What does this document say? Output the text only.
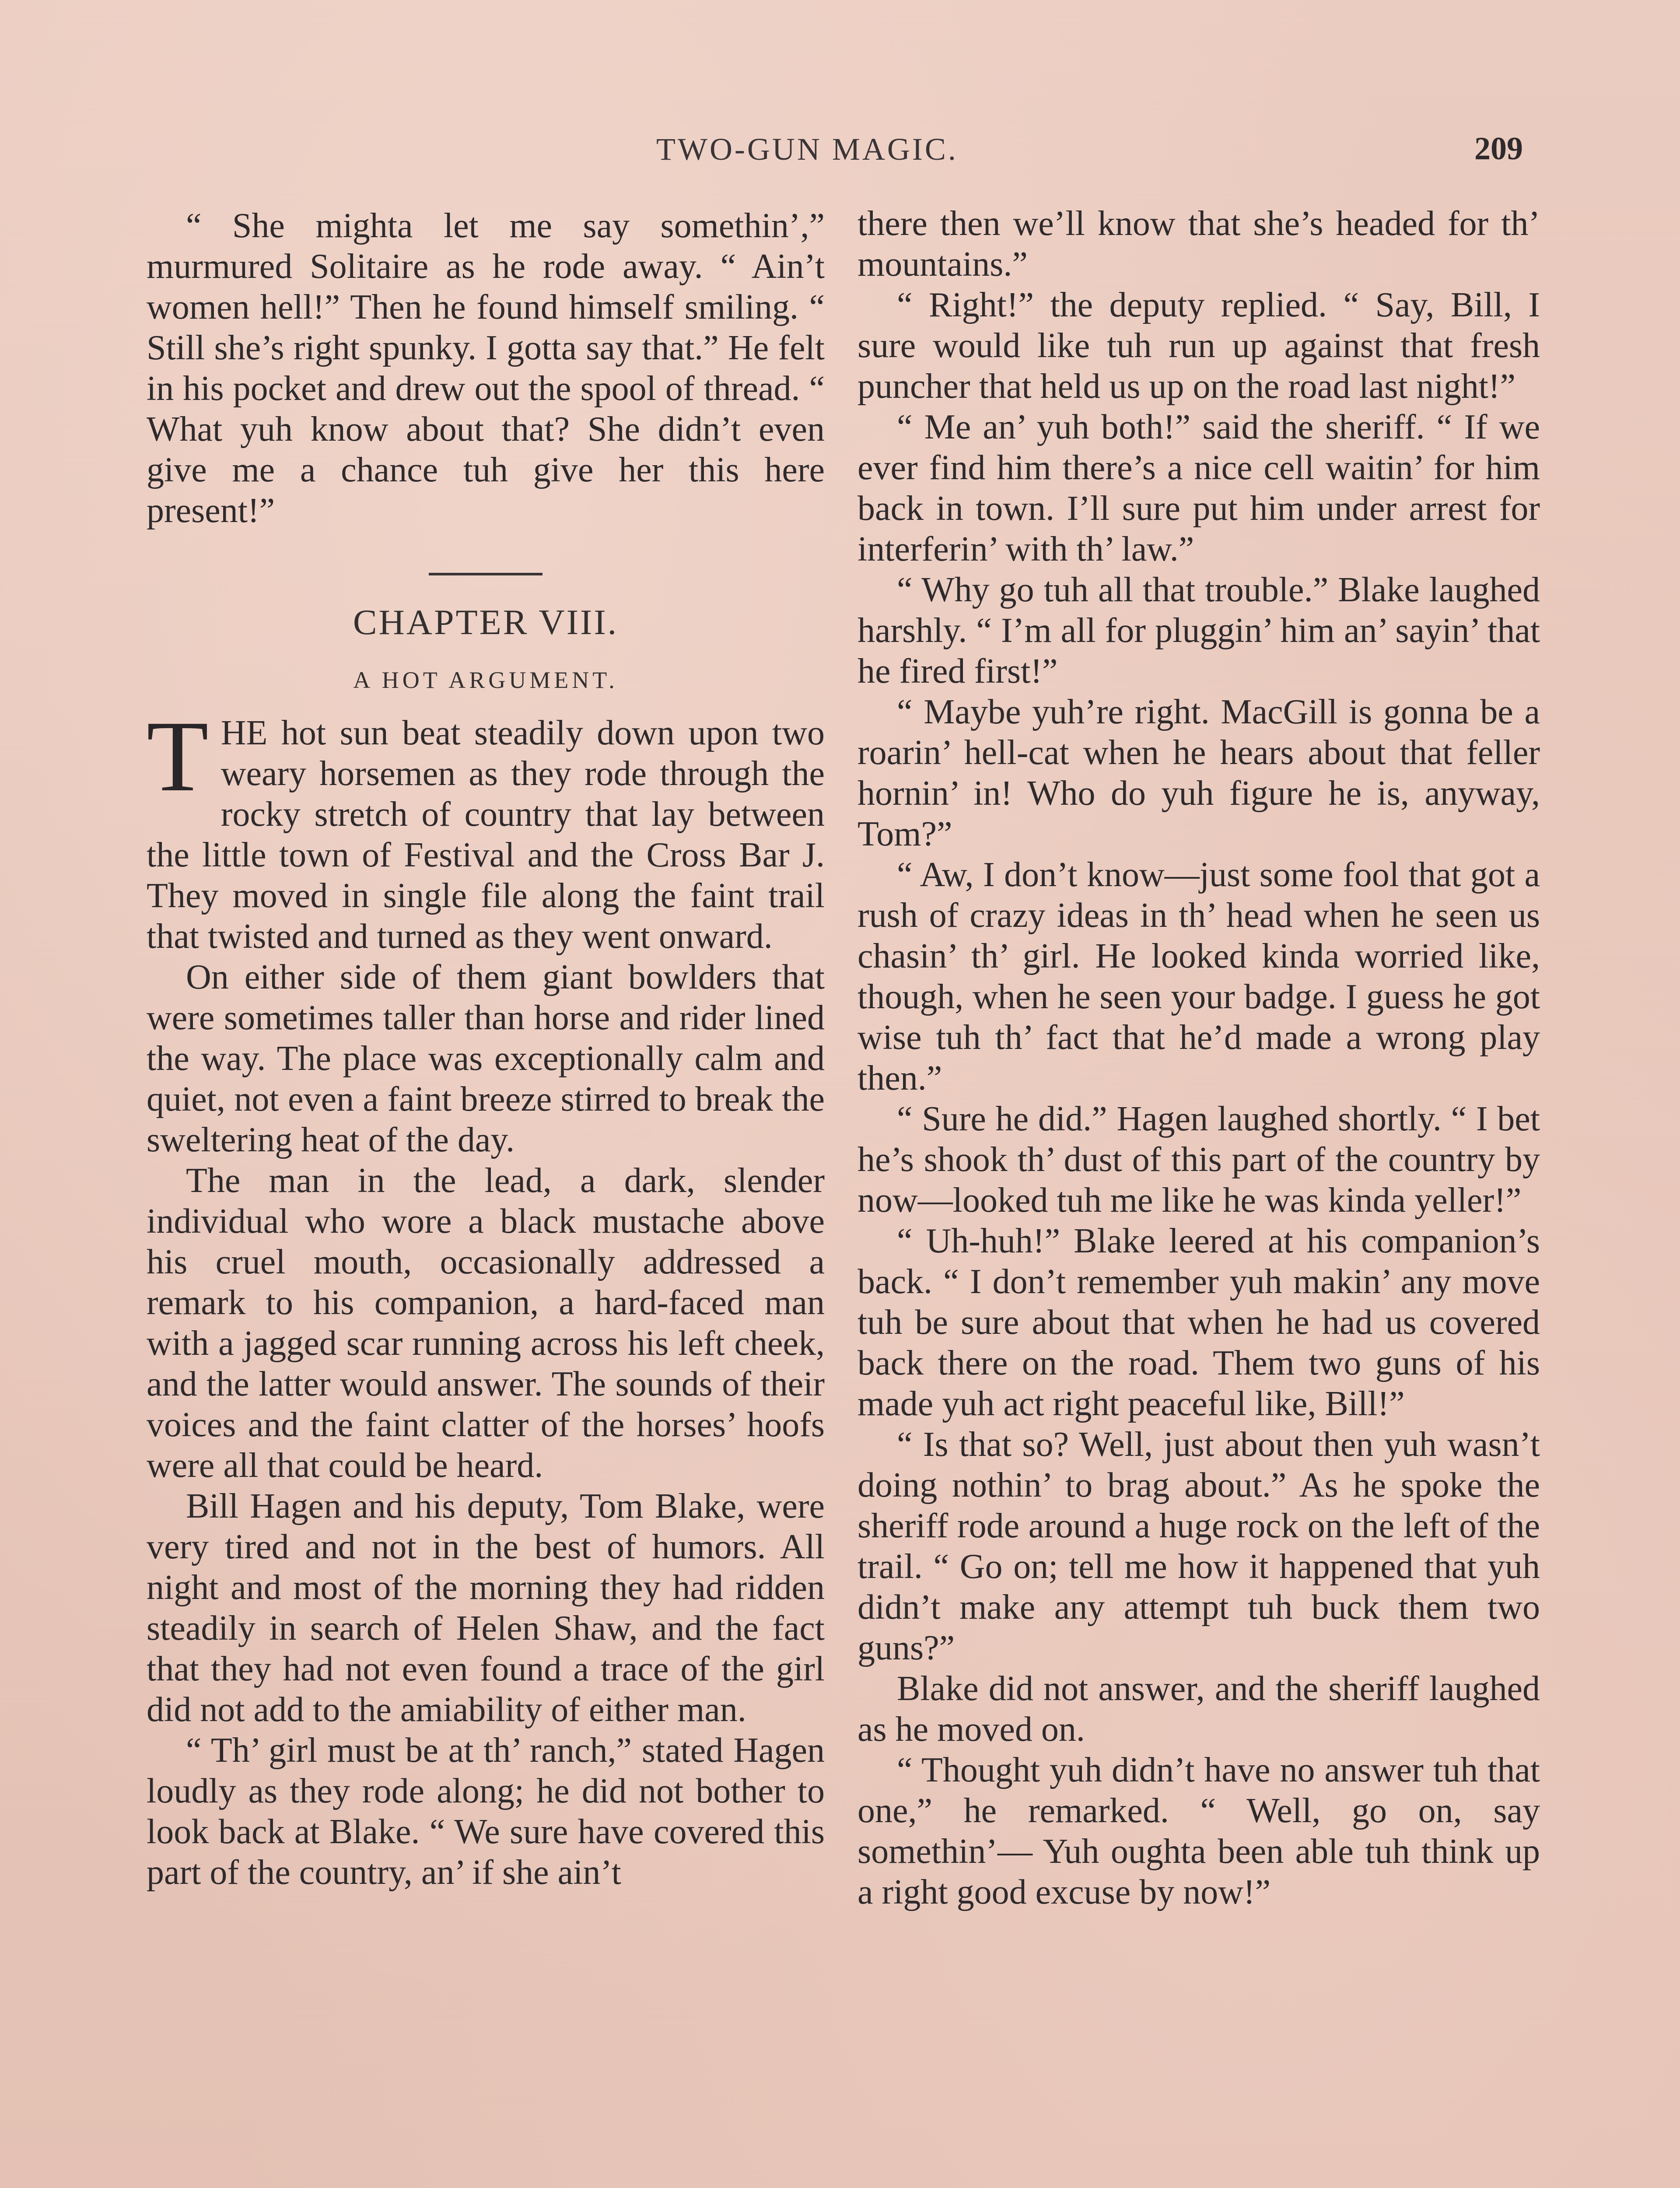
TWO-GUN MAGIC.	209

“ She mighta let me say somethin’,” murmured Solitaire as he rode away. “ Ain’t women hell!” Then he found himself smiling. “ Still she’s right spunky. I gotta say that.” He felt in his pocket and drew out the spool of thread. “ What yuh know about that? She didn’t even give me a chance tuh give her this here present!”

CHAPTER VIII.
A HOT ARGUMENT.

THE hot sun beat steadily down upon two weary horsemen as they rode through the rocky stretch of country that lay between the little town of Festival and the Cross Bar J. They moved in single file along the faint trail that twisted and turned as they went onward.

On either side of them giant bowlders that were sometimes taller than horse and rider lined the way. The place was exceptionally calm and quiet, not even a faint breeze stirred to break the sweltering heat of the day.

The man in the lead, a dark, slender individual who wore a black mustache above his cruel mouth, occasionally addressed a remark to his companion, a hard-faced man with a jagged scar running across his left cheek, and the latter would answer. The sounds of their voices and the faint clatter of the horses’ hoofs were all that could be heard.

Bill Hagen and his deputy, Tom Blake, were very tired and not in the best of humors. All night and most of the morning they had ridden steadily in search of Helen Shaw, and the fact that they had not even found a trace of the girl did not add to the amiability of either man.

“ Th’ girl must be at th’ ranch,” stated Hagen loudly as they rode along; he did not bother to look back at Blake. “ We sure have covered this part of the country, an’ if she ain’t

there then we’ll know that she’s headed for th’ mountains.”

“ Right!” the deputy replied. “ Say, Bill, I sure would like tuh run up against that fresh puncher that held us up on the road last night!”

“ Me an’ yuh both!” said the sheriff. “ If we ever find him there’s a nice cell waitin’ for him back in town. I’ll sure put him under arrest for interferin’ with th’ law.”

“ Why go tuh all that trouble.” Blake laughed harshly. “ I’m all for pluggin’ him an’ sayin’ that he fired first!”

“ Maybe yuh’re right. MacGill is gonna be a roarin’ hell-cat when he hears about that feller hornin’ in! Who do yuh figure he is, anyway, Tom?”

“ Aw, I don’t know—just some fool that got a rush of crazy ideas in th’ head when he seen us chasin’ th’ girl. He looked kinda worried like, though, when he seen your badge. I guess he got wise tuh th’ fact that he’d made a wrong play then.”

“ Sure he did.” Hagen laughed shortly. “ I bet he’s shook th’ dust of this part of the country by now—looked tuh me like he was kinda yeller!”

“ Uh-huh!” Blake leered at his companion’s back. “ I don’t remember yuh makin’ any move tuh be sure about that when he had us covered back there on the road. Them two guns of his made yuh act right peaceful like, Bill!”

“ Is that so? Well, just about then yuh wasn’t doing nothin’ to brag about.” As he spoke the sheriff rode around a huge rock on the left of the trail. “ Go on; tell me how it happened that yuh didn’t make any attempt tuh buck them two guns?”

Blake did not answer, and the sheriff laughed as he moved on.

“ Thought yuh didn’t have no answer tuh that one,” he remarked. “ Well, go on, say somethin’— Yuh oughta been able tuh think up a right good excuse by now!”
